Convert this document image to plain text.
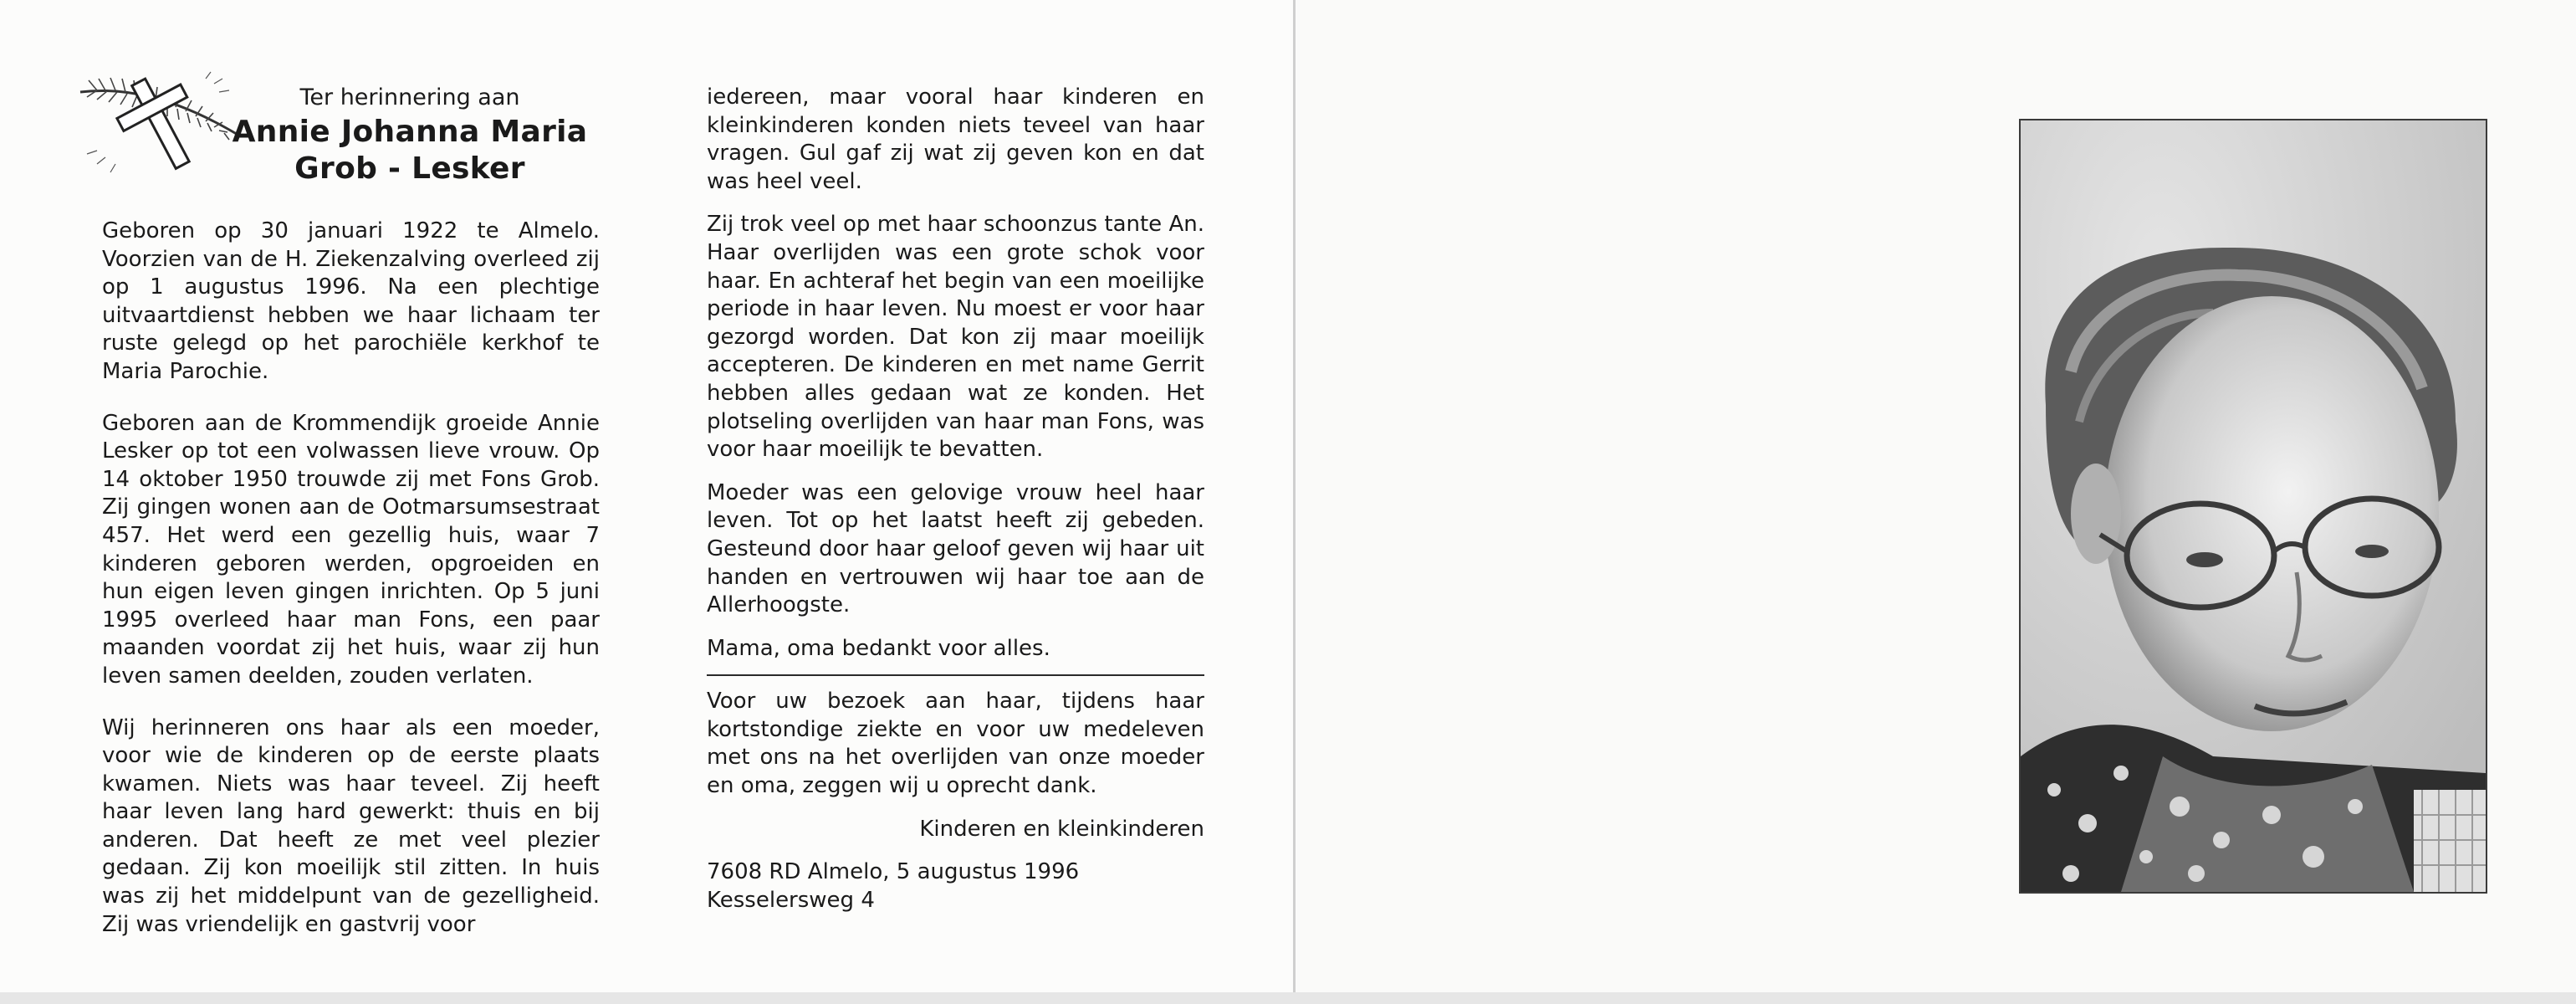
Ter herinnering aan
Annie Johanna Maria
Grob - Lesker

Geboren op 30 januari 1922 te Almelo. Voorzien van de H. Ziekenzalving overleed zij op 1 augustus 1996. Na een plechtige uitvaartdienst hebben we haar lichaam ter ruste gelegd op het parochiële kerkhof te Maria Parochie.

Geboren aan de Krommendijk groeide Annie Lesker op tot een volwassen lieve vrouw. Op 14 oktober 1950 trouwde zij met Fons Grob. Zij gingen wonen aan de Ootmarsumsestraat 457. Het werd een gezellig huis, waar 7 kinderen geboren werden, opgroeiden en hun eigen leven gingen inrichten. Op 5 juni 1995 overleed haar man Fons, een paar maanden voordat zij het huis, waar zij hun leven samen deelden, zouden verlaten.

Wij herinneren ons haar als een moeder, voor wie de kinderen op de eerste plaats kwamen. Niets was haar teveel. Zij heeft haar leven lang hard gewerkt: thuis en bij anderen. Dat heeft ze met veel plezier gedaan. Zij kon moeilijk stil zitten. In huis was zij het middelpunt van de gezelligheid. Zij was vriendelijk en gastvrij voor

iedereen, maar vooral haar kinderen en kleinkinderen konden niets teveel van haar vragen. Gul gaf zij wat zij geven kon en dat was heel veel.

Zij trok veel op met haar schoonzus tante An. Haar overlijden was een grote schok voor haar. En achteraf het begin van een moeilijke periode in haar leven. Nu moest er voor haar gezorgd worden. Dat kon zij maar moeilijk accepteren. De kinderen en met name Gerrit hebben alles gedaan wat ze konden. Het plotseling overlijden van haar man Fons, was voor haar moeilijk te bevatten.

Moeder was een gelovige vrouw heel haar leven. Tot op het laatst heeft zij gebeden. Gesteund door haar geloof geven wij haar uit handen en vertrouwen wij haar toe aan de Allerhoogste.

Mama, oma bedankt voor alles.

Voor uw bezoek aan haar, tijdens haar kortstondige ziekte en voor uw medeleven met ons na het overlijden van onze moeder en oma, zeggen wij u oprecht dank.

Kinderen en kleinkinderen

7608 RD Almelo, 5 augustus 1996

Kesselersweg 4
